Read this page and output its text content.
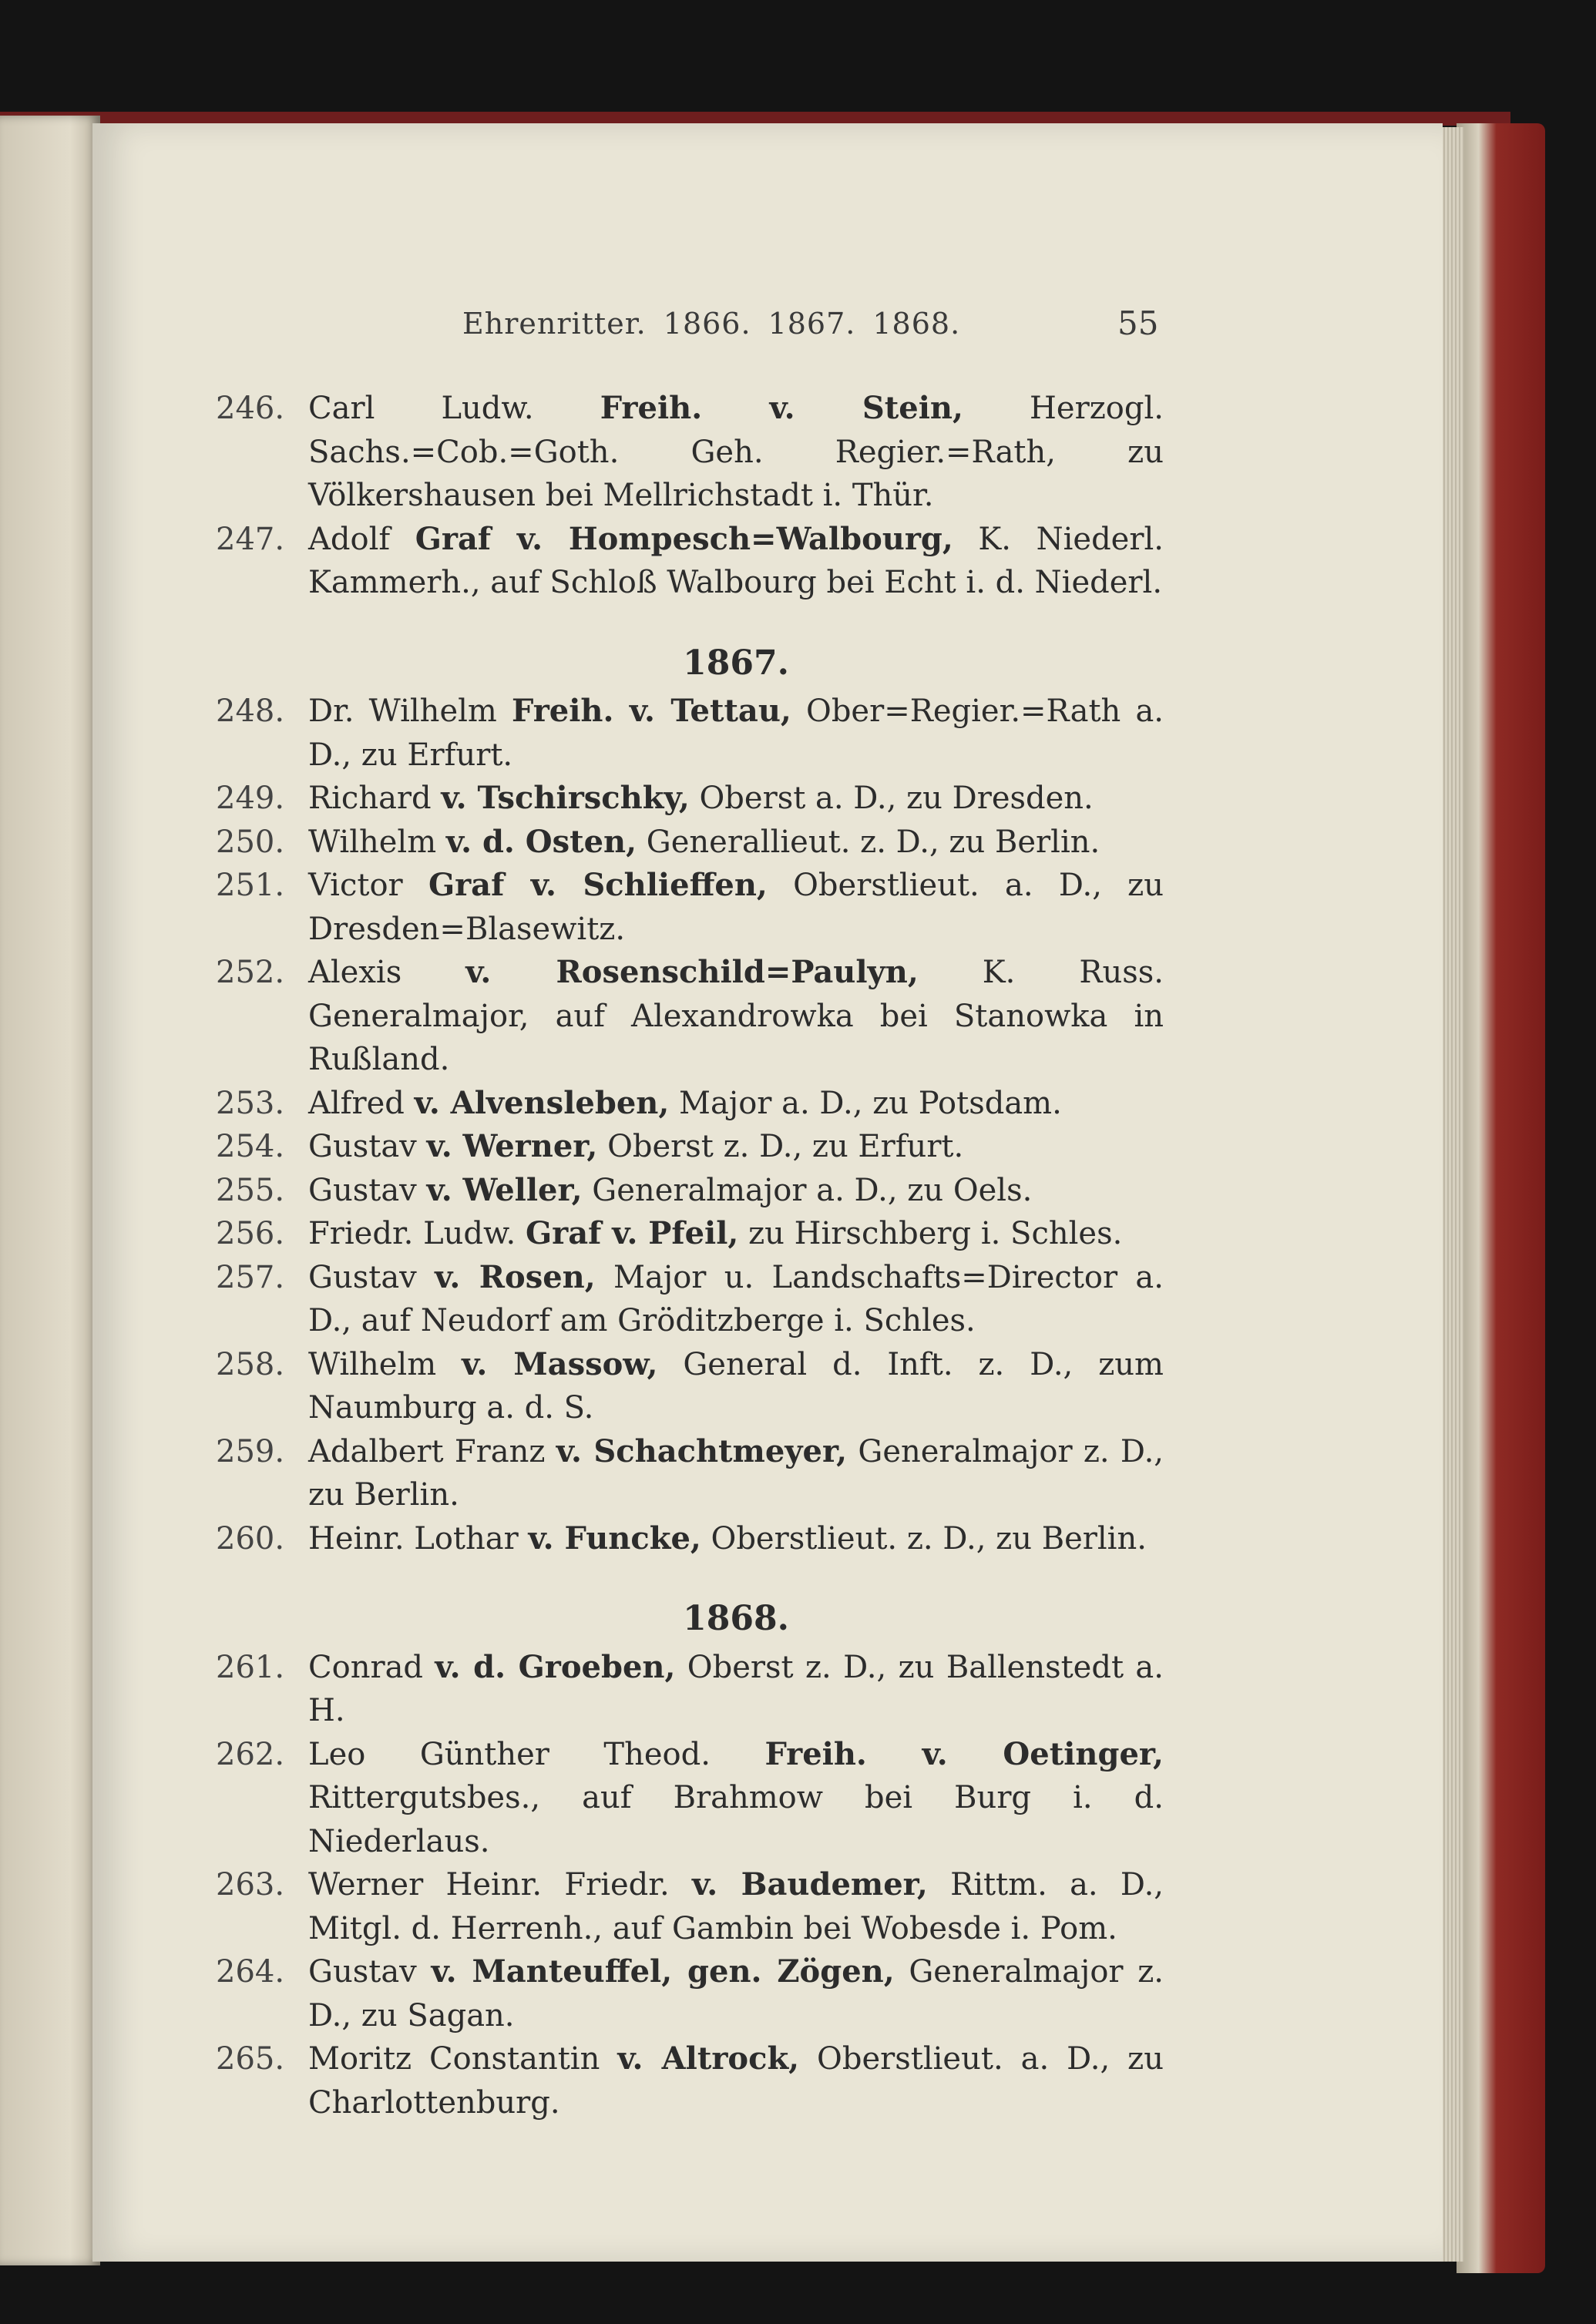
Ehrenritter. 1866. 1867. 1868.	55
246. Carl Ludw. Freih. v. Stein, Herzogl. Sachs.=Cob.=Goth. Geh. Regier.=Rath, zu Völkershausen bei Mellrichstadt i. Thür.
247. Adolf Graf v. Hompesch=Walbourg, K. Niederl. Kammerh., auf Schloß Walbourg bei Echt i. d. Niederl.
1867.
248. Dr. Wilhelm Freih. v. Tettau, Ober=Regier.=Rath a. D., zu Erfurt.
249. Richard v. Tschirschky, Oberst a. D., zu Dresden.
250. Wilhelm v. d. Osten, Generallieut. z. D., zu Berlin.
251. Victor Graf v. Schlieffen, Oberstlieut. a. D., zu Dresden=Blasewitz.
252. Alexis v. Rosenschild=Paulyn, K. Russ. Generalmajor, auf Alexandrowka bei Stanowka in Rußland.
253. Alfred v. Alvensleben, Major a. D., zu Potsdam.
254. Gustav v. Werner, Oberst z. D., zu Erfurt.
255. Gustav v. Weller, Generalmajor a. D., zu Oels.
256. Friedr. Ludw. Graf v. Pfeil, zu Hirschberg i. Schles.
257. Gustav v. Rosen, Major u. Landschafts=Director a. D., auf Neudorf am Gröditzberge i. Schles.
258. Wilhelm v. Massow, General d. Inft. z. D., zum Naumburg a. d. S.
259. Adalbert Franz v. Schachtmeyer, Generalmajor z. D., zu Berlin.
260. Heinr. Lothar v. Funcke, Oberstlieut. z. D., zu Berlin.
1868.
261. Conrad v. d. Groeben, Oberst z. D., zu Ballenstedt a. H.
262. Leo Günther Theod. Freih. v. Oetinger, Rittergutsbes., auf Brahmow bei Burg i. d. Niederlaus.
263. Werner Heinr. Friedr. v. Baudemer, Rittm. a. D., Mitgl. d. Herrenh., auf Gambin bei Wobesde i. Pom.
264. Gustav v. Manteuffel, gen. Zögen, Generalmajor z. D., zu Sagan.
265. Moritz Constantin v. Altrock, Oberstlieut. a. D., zu Charlottenburg.
